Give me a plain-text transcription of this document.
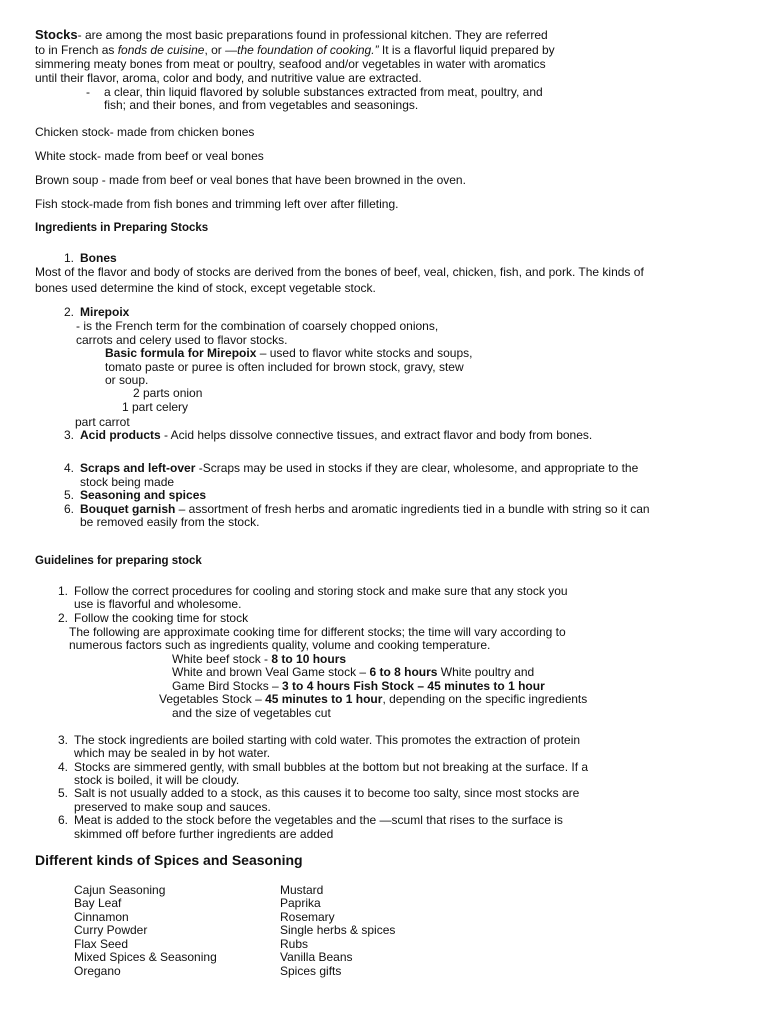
Stocks- are among the most basic preparations found in professional kitchen. They are referred
to in French as fonds de cuisine, or —the foundation of cooking.” It is a flavorful liquid prepared by
simmering meaty bones from meat or poultry, seafood and/or vegetables in water with aromatics
until their flavor, aroma, color and body, and nutritive value are extracted.
- a clear, thin liquid flavored by soluble substances extracted from meat, poultry, and
fish; and their bones, and from vegetables and seasonings.
Chicken stock- made from chicken bones
White stock- made from beef or veal bones
Brown soup - made from beef or veal bones that have been browned in the oven.
Fish stock-made from fish bones and trimming left over after filleting.
Ingredients in Preparing Stocks
1. Bones
Most of the flavor and body of stocks are derived from the bones of beef, veal, chicken, fish, and pork. The kinds of
bones used determine the kind of stock, except vegetable stock.
2. Mirepoix
- is the French term for the combination of coarsely chopped onions,
carrots and celery used to flavor stocks.
Basic formula for Mirepoix – used to flavor white stocks and soups,
tomato paste or puree is often included for brown stock, gravy, stew
or soup.
2 parts onion
1 part celery
part carrot
3. Acid products - Acid helps dissolve connective tissues, and extract flavor and body from bones.
4. Scraps and left-over -Scraps may be used in stocks if they are clear, wholesome, and appropriate to the
stock being made
5. Seasoning and spices
6. Bouquet garnish – assortment of fresh herbs and aromatic ingredients tied in a bundle with string so it can
be removed easily from the stock.
Guidelines for preparing stock
1. Follow the correct procedures for cooling and storing stock and make sure that any stock you
use is flavorful and wholesome.
2. Follow the cooking time for stock
The following are approximate cooking time for different stocks; the time will vary according to
numerous factors such as ingredients quality, volume and cooking temperature.
White beef stock - 8 to 10 hours
White and brown Veal Game stock – 6 to 8 hours White poultry and
Game Bird Stocks – 3 to 4 hours Fish Stock – 45 minutes to 1 hour
Vegetables Stock – 45 minutes to 1 hour, depending on the specific ingredients
and the size of vegetables cut
3. The stock ingredients are boiled starting with cold water. This promotes the extraction of protein
which may be sealed in by hot water.
4. Stocks are simmered gently, with small bubbles at the bottom but not breaking at the surface. If a
stock is boiled, it will be cloudy.
5. Salt is not usually added to a stock, as this causes it to become too salty, since most stocks are
preserved to make soup and sauces.
6. Meat is added to the stock before the vegetables and the —scuml that rises to the surface is
skimmed off before further ingredients are added
Different kinds of Spices and Seasoning
Cajun Seasoning
Bay Leaf
Cinnamon
Curry Powder
Flax Seed
Mixed Spices & Seasoning
Oregano
Mustard
Paprika
Rosemary
Single herbs & spices
Rubs
Vanilla Beans
Spices gifts
